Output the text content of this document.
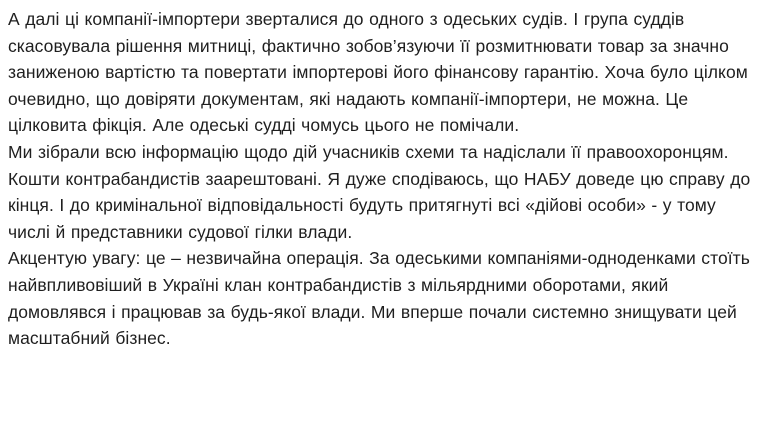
А далі ці компанії-імпортери зверталися до одного з одеських судів. І група суддів скасовувала рішення митниці, фактично зобов’язуючи її розмитнювати товар за значно заниженою вартістю та повертати імпортерові його фінансову гарантію. Хоча було цілком очевидно, що довіряти документам, які надають компанії-імпортери, не можна. Це цілковита фікція. Але одеські судді чомусь цього не помічали.

Ми зібрали всю інформацію щодо дій учасників схеми та надіслали її правоохоронцям. Кошти контрабандистів заарештовані. Я дуже сподіваюсь, що НАБУ доведе цю справу до кінця. І до кримінальної відповідальності будуть притягнуті всі «дійові особи» - у тому числі й представники судової гілки влади.

Акцентую увагу: це – незвичайна операція. За одеськими компаніями-одноденками стоїть найвпливовіший в Україні клан контрабандистів з мільярдними оборотами, який домовлявся і працював за будь-якої влади. Ми вперше почали системно знищувати цей масштабний бізнес.
